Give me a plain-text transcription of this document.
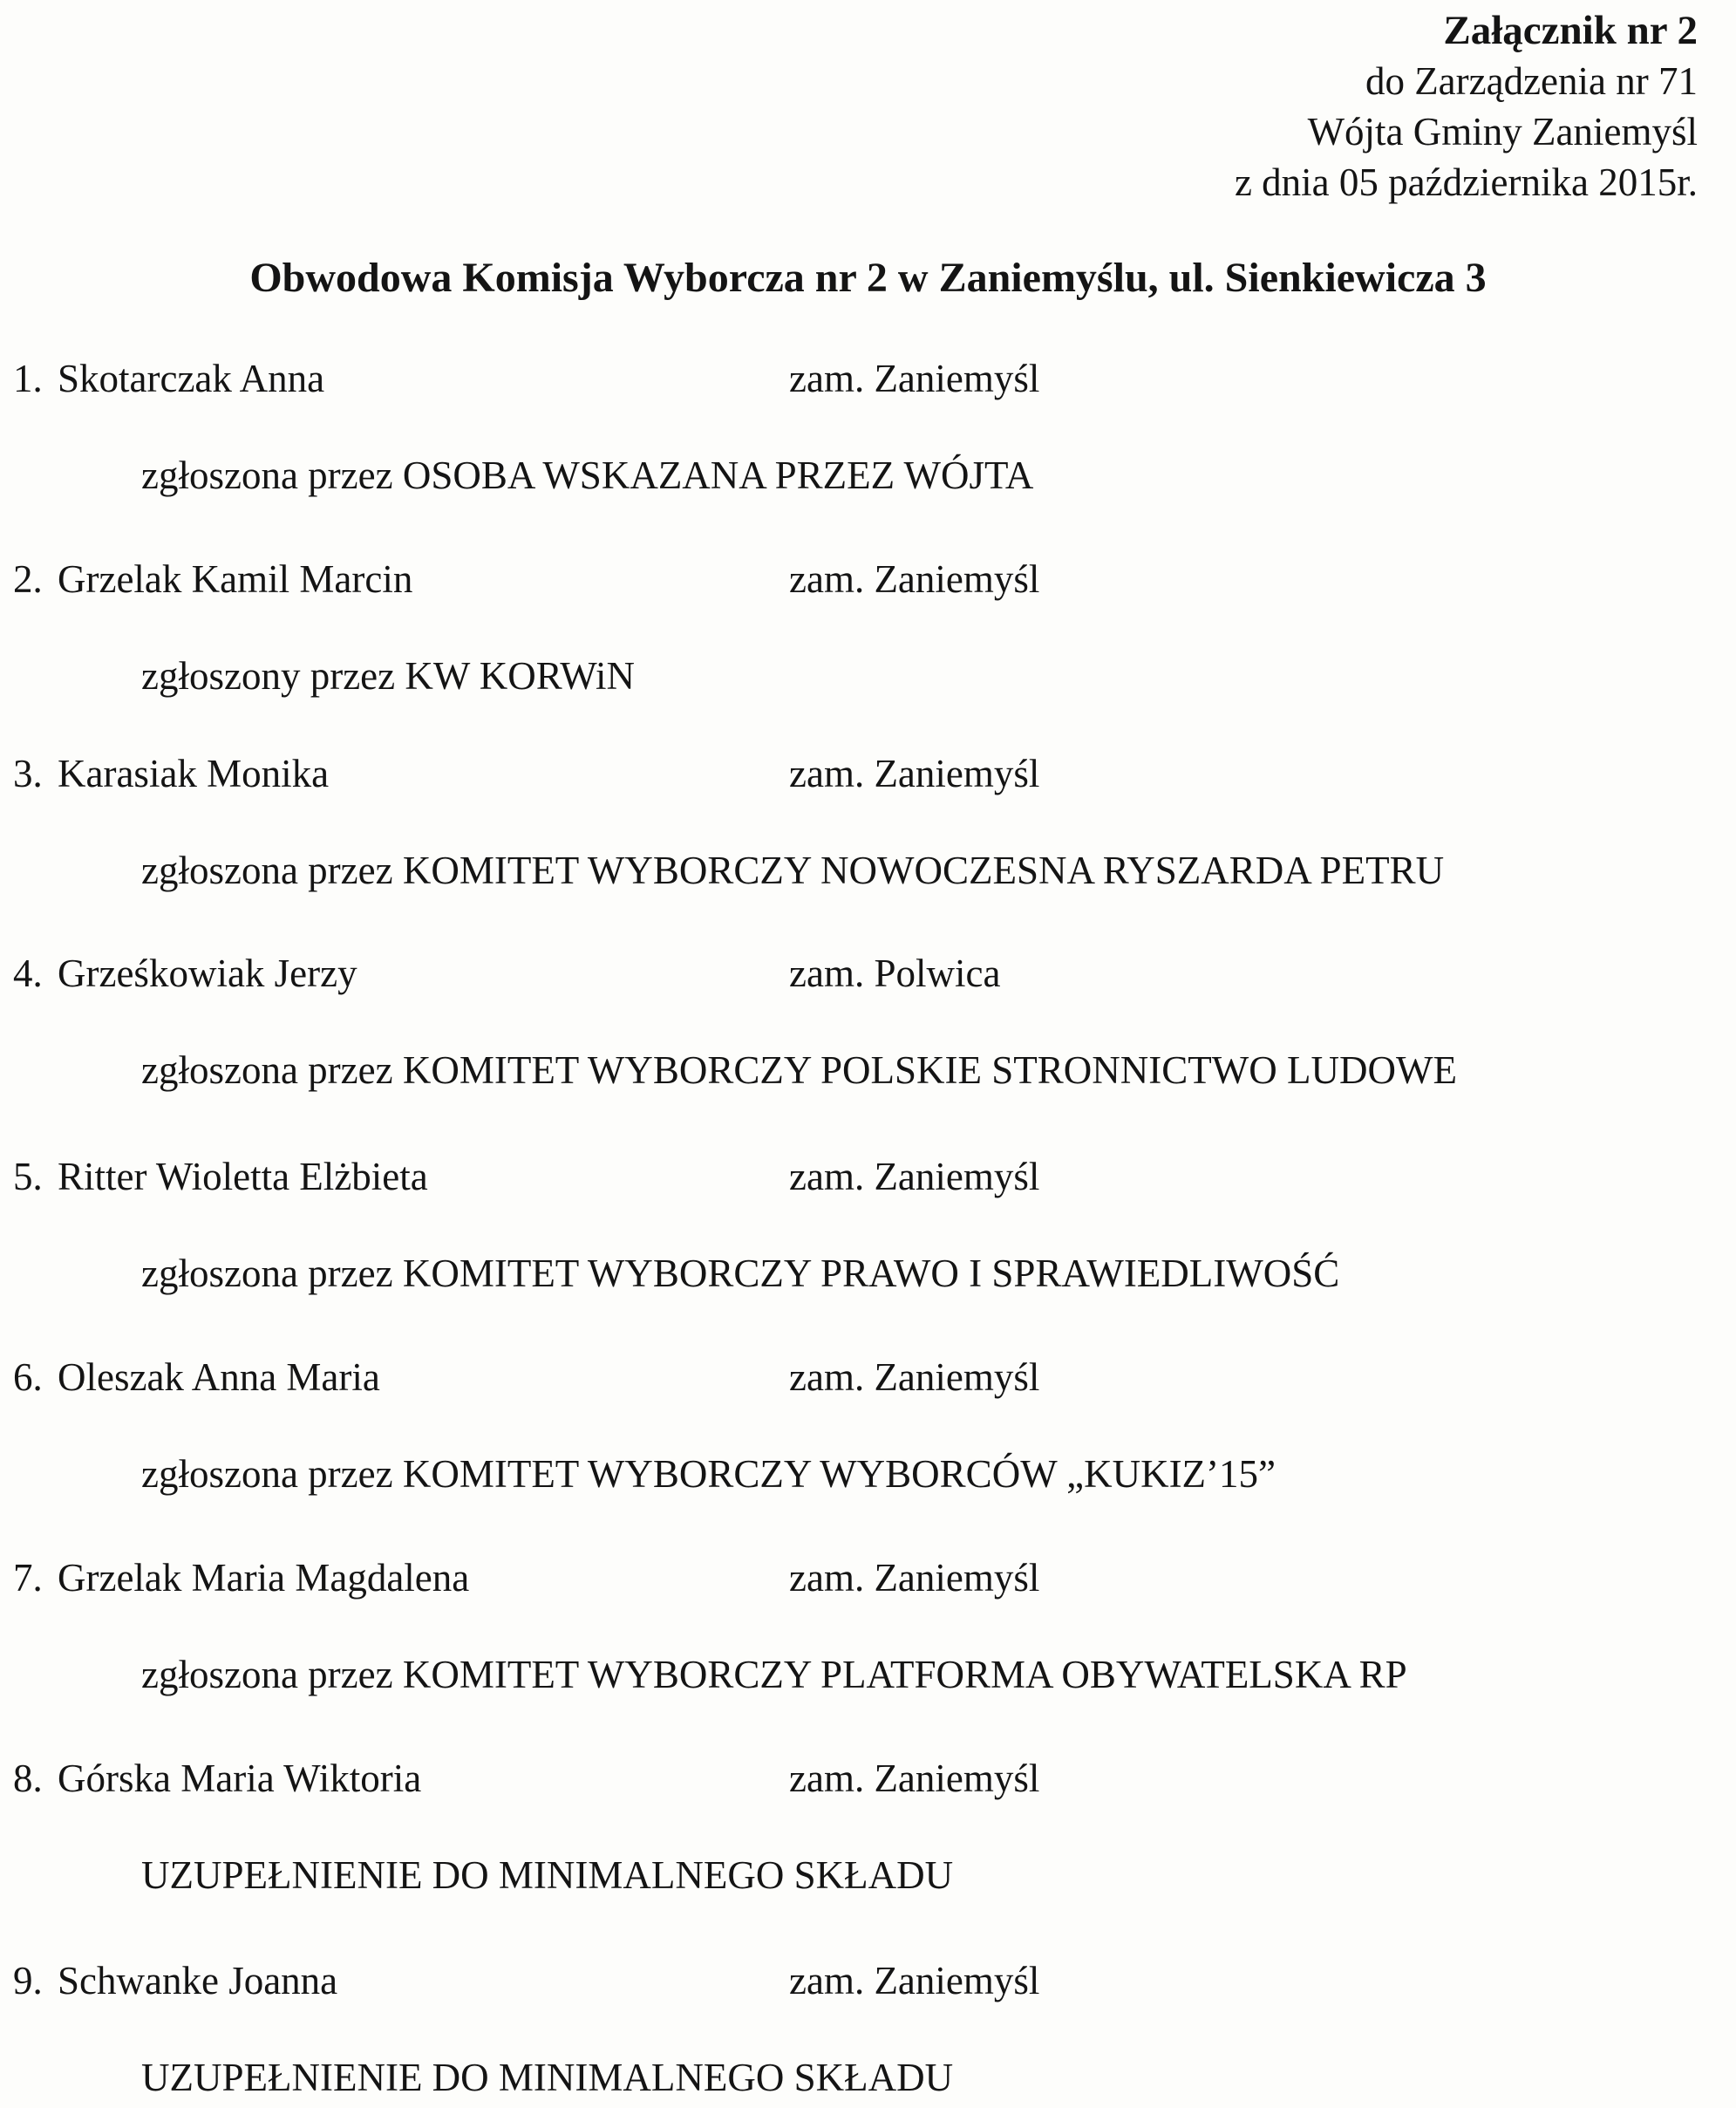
Załącznik nr 2
do Zarządzenia nr 71
Wójta Gminy Zaniemyśl
z dnia 05 października 2015r.
Obwodowa Komisja Wyborcza nr 2 w Zaniemyślu, ul. Sienkiewicza 3
1. Skotarczak Anna	zam. Zaniemyśl
zgłoszona przez OSOBA WSKAZANA PRZEZ WÓJTA
2. Grzelak Kamil Marcin	zam. Zaniemyśl
zgłoszony przez KW KORWiN
3. Karasiak Monika	zam. Zaniemyśl
zgłoszona przez KOMITET WYBORCZY NOWOCZESNA RYSZARDA PETRU
4. Grześkowiak Jerzy	zam. Polwica
zgłoszona przez KOMITET WYBORCZY POLSKIE STRONNICTWO LUDOWE
5. Ritter Wioletta Elżbieta	zam. Zaniemyśl
zgłoszona przez KOMITET WYBORCZY PRAWO I SPRAWIEDLIWOŚĆ
6. Oleszak Anna Maria	zam. Zaniemyśl
zgłoszona przez KOMITET WYBORCZY WYBORCÓW „KUKIZ’15”
7. Grzelak Maria Magdalena	zam. Zaniemyśl
zgłoszona przez KOMITET WYBORCZY PLATFORMA OBYWATELSKA RP
8. Górska Maria Wiktoria	zam. Zaniemyśl
UZUPEŁNIENIE DO MINIMALNEGO SKŁADU
9. Schwanke Joanna	zam. Zaniemyśl
UZUPEŁNIENIE DO MINIMALNEGO SKŁADU
